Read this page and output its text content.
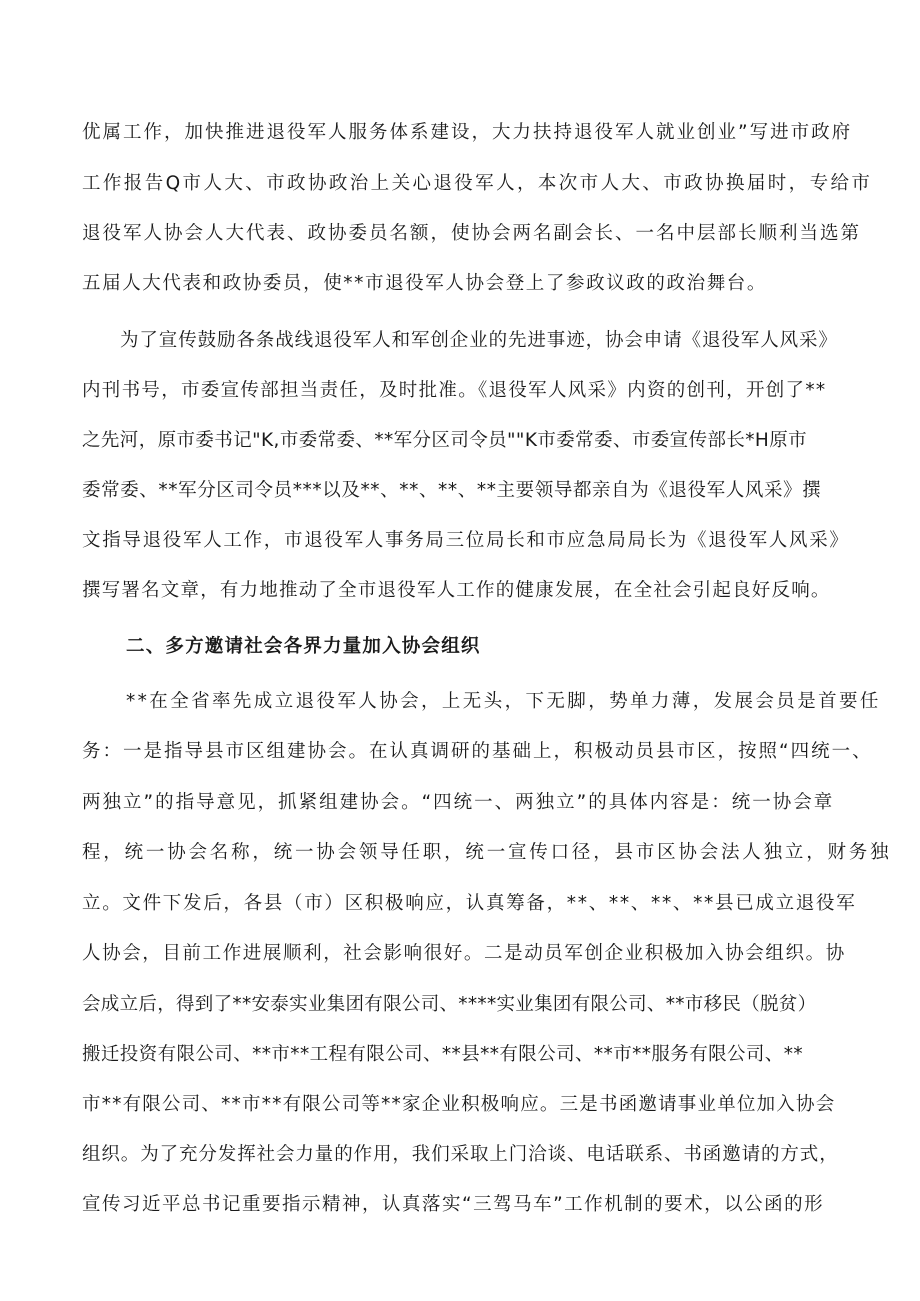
优属工作，加快推进退役军人服务体系建设，大力扶持退役军人就业创业”写进市政府
工作报告Q市人大、市政协政治上关心退役军人，本次市人大、市政协换届时，专给市
退役军人协会人大代表、政协委员名额，使协会两名副会长、一名中层部长顺利当选第
五届人大代表和政协委员，使**市退役军人协会登上了参政议政的政治舞台。
为了宣传鼓励各条战线退役军人和军创企业的先进事迹，协会申请《退役军人风采》
内刊书号，市委宣传部担当责任，及时批准。《退役军人风采》内资的创刊，开创了**
之先河，原市委书记"K,市委常委、**军分区司令员""K市委常委、市委宣传部长*H原市
委常委、**军分区司令员***以及**、**、**、**主要领导都亲自为《退役军人风采》撰
文指导退役军人工作，市退役军人事务局三位局长和市应急局局长为《退役军人风采》
撰写署名文章，有力地推动了全市退役军人工作的健康发展，在全社会引起良好反响。
二、多方邀请社会各界力量加入协会组织
**在全省率先成立退役军人协会，上无头，下无脚，势单力薄，发展会员是首要任
务：一是指导县市区组建协会。在认真调研的基础上，积极动员县市区，按照“四统一、
两独立”的指导意见，抓紧组建协会。“四统一、两独立”的具体内容是：统一协会章
程，统一协会名称，统一协会领导任职，统一宣传口径，县市区协会法人独立，财务独
立。文件下发后，各县（市）区积极响应，认真筹备，**、**、**、**县已成立退役军
人协会，目前工作进展顺利，社会影响很好。二是动员军创企业积极加入协会组织。协
会成立后，得到了**安泰实业集团有限公司、****实业集团有限公司、**市移民（脱贫）
搬迁投资有限公司、**市**工程有限公司、**县**有限公司、**市**服务有限公司、**
市**有限公司、**市**有限公司等**家企业积极响应。三是书函邀请事业单位加入协会
组织。为了充分发挥社会力量的作用，我们采取上门洽谈、电话联系、书函邀请的方式，
宣传习近平总书记重要指示精神，认真落实“三驾马车”工作机制的要术，以公函的形
